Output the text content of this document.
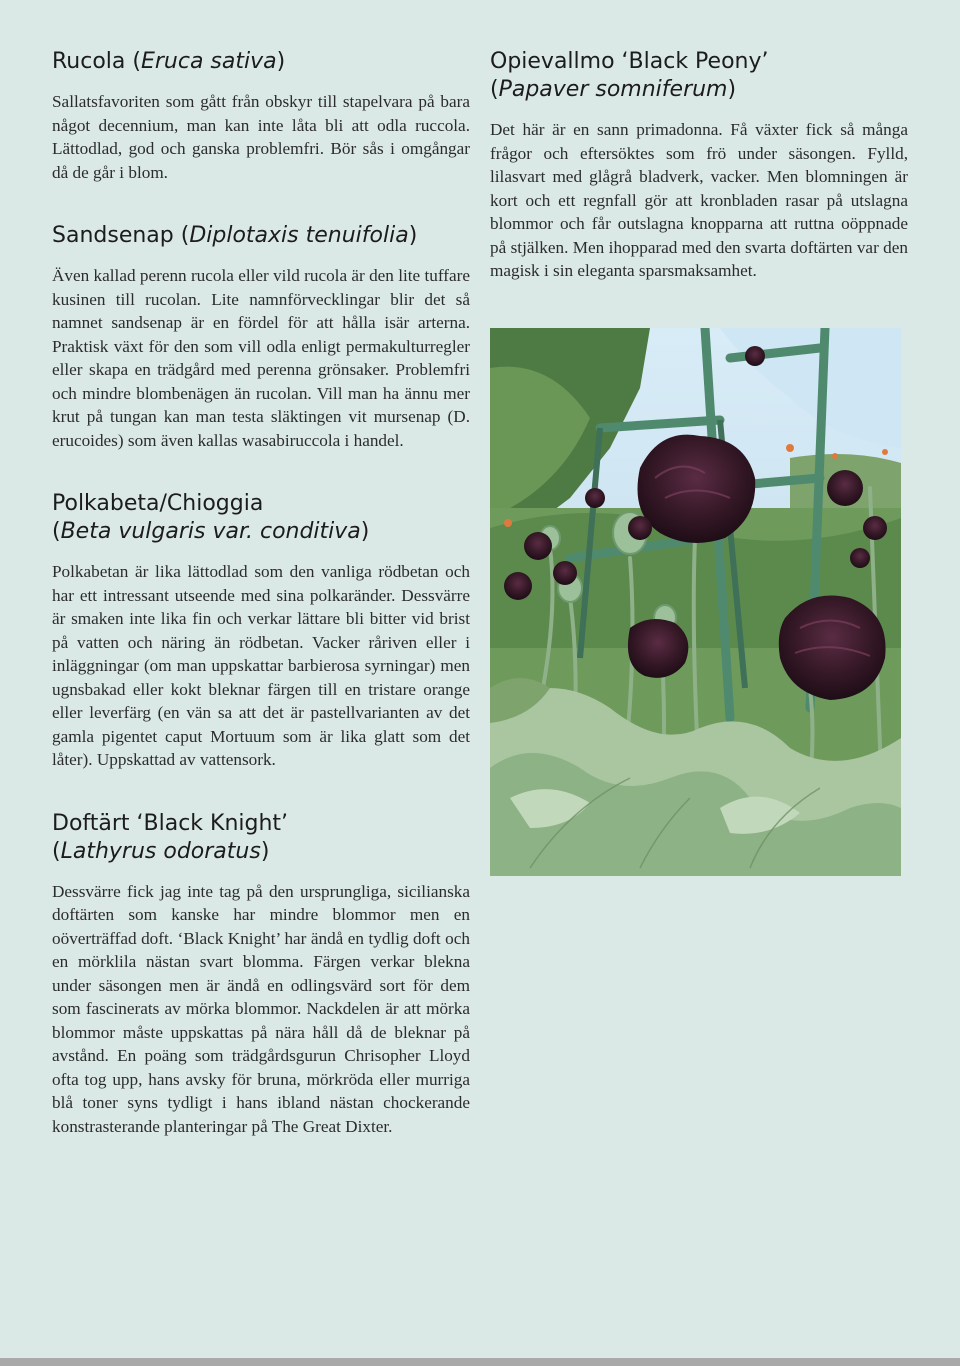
Rucola (Eruca sativa)

Sallatsfavoriten som gått från obskyr till stapelvara på bara något decennium, man kan inte låta bli att odla ruccola. Lättodlad, god och ganska problemfri. Bör sås i omgångar då de går i blom.

Sandsenap (Diplotaxis tenuifolia)

Även kallad perenn rucola eller vild rucola är den lite tuffare kusinen till rucolan. Lite namnförvecklingar blir det så namnet sandsenap är en fördel för att hålla isär arterna. Praktisk växt för den som vill odla enligt permakulturregler eller skapa en trädgård med perenna grönsaker. Problemfri och mindre blombenägen än rucolan. Vill man ha ännu mer krut på tungan kan man testa släktingen vit mursenap (D. erucoides) som även kallas wasabiruccola i handel.

Polkabeta/Chioggia
(Beta vulgaris var. conditiva)

Polkabetan är lika lättodlad som den vanliga rödbetan och har ett intressant utseende med sina polkaränder. Dessvärre är smaken inte lika fin och verkar lättare bli bitter vid brist på vatten och näring än rödbetan. Vacker råriven eller i inläggningar (om man uppskattar barbierosa syrningar) men ugnsbakad eller kokt bleknar färgen till en tristare orange eller leverfärg (en vän sa att det är pastellvarianten av det gamla pigentet caput Mortuum som är lika glatt som det låter). Uppskattad av vattensork.

Doftärt ‘Black Knight’
(Lathyrus odoratus)

Dessvärre fick jag inte tag på den ursprungliga, sicilianska doftärten som kanske har mindre blommor men en oöverträffad doft. ‘Black Knight’ har ändå en tydlig doft och en mörklila nästan svart blomma. Färgen verkar blekna under säsongen men är ändå en odlingsvärd sort för dem som fascinerats av mörka blommor. Nackdelen är att mörka blommor måste uppskattas på nära håll då de bleknar på avstånd. En poäng som trädgårdsgurun Chrisopher Lloyd ofta tog upp, hans avsky för bruna, mörkröda eller murriga blå toner syns tydligt i hans ibland nästan chockerande konstrasterande planteringar på The Great Dixter.

Opievallmo ‘Black Peony’
(Papaver somniferum)

Det här är en sann primadonna. Få växter fick så många frågor och eftersöktes som frö under säsongen. Fylld, lilasvart med glågrå bladverk, vacker. Men blomningen är kort och ett regnfall gör att kronbladen rasar på utslagna blommor och får outslagna knopparna att ruttna oöppnade på stjälken. Men ihopparad med den svarta doftärten var den magisk i sin eleganta sparsmaksamhet.
